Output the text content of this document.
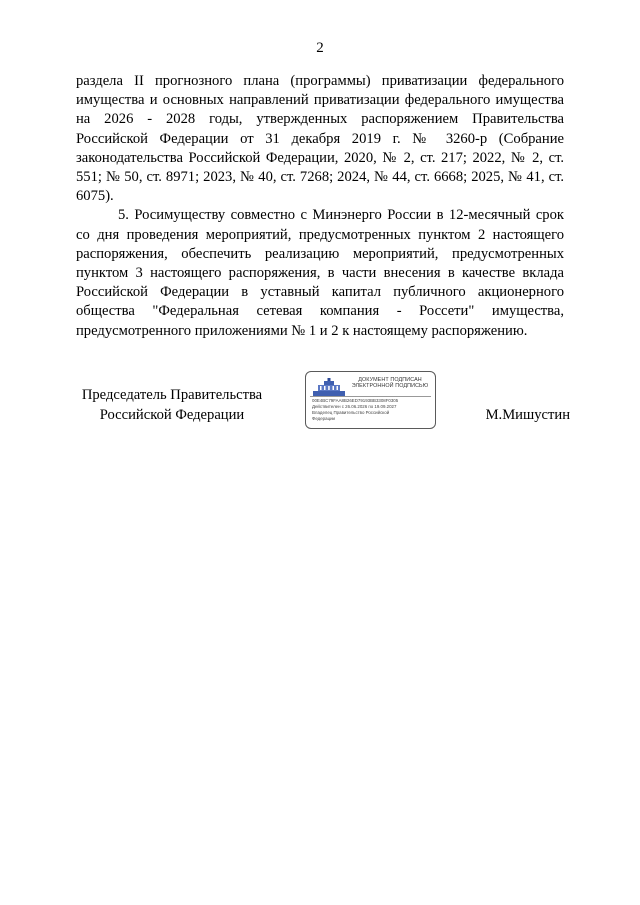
2

раздела II прогнозного плана (программы) приватизации федерального имущества и основных направлений приватизации федерального имущества на 2026 - 2028 годы, утвержденных распоряжением Правительства Российской Федерации от 31 декабря 2019 г. № 3260-р (Собрание законодательства Российской Федерации, 2020, № 2, ст. 217; 2022, № 2, ст. 551; № 50, ст. 8971; 2023, № 40, ст. 7268; 2024, № 44, ст. 6668; 2025, № 41, ст. 6075).

5. Росимуществу совместно с Минэнерго России в 12-месячный срок со дня проведения мероприятий, предусмотренных пунктом 2 настоящего распоряжения, обеспечить реализацию мероприятий, предусмотренных пунктом 3 настоящего распоряжения, в части внесения в качестве вклада Российской Федерации в уставный капитал публичного акционерного общества "Федеральная сетевая компания - Россети" имущества, предусмотренного приложениями № 1 и 2 к настоящему распоряжению.

Председатель Правительства
Российской Федерации
ДОКУМЕНТ ПОДПИСАН
ЭЛЕКТРОННОЙ ПОДПИСЬЮ
00E4BC79FAA8B26ED79193BB3308F0305
Действителен с 26.06.2026 по 19.09.2027
Владелец Правительство Российской
Федерации	М.Мишустин
